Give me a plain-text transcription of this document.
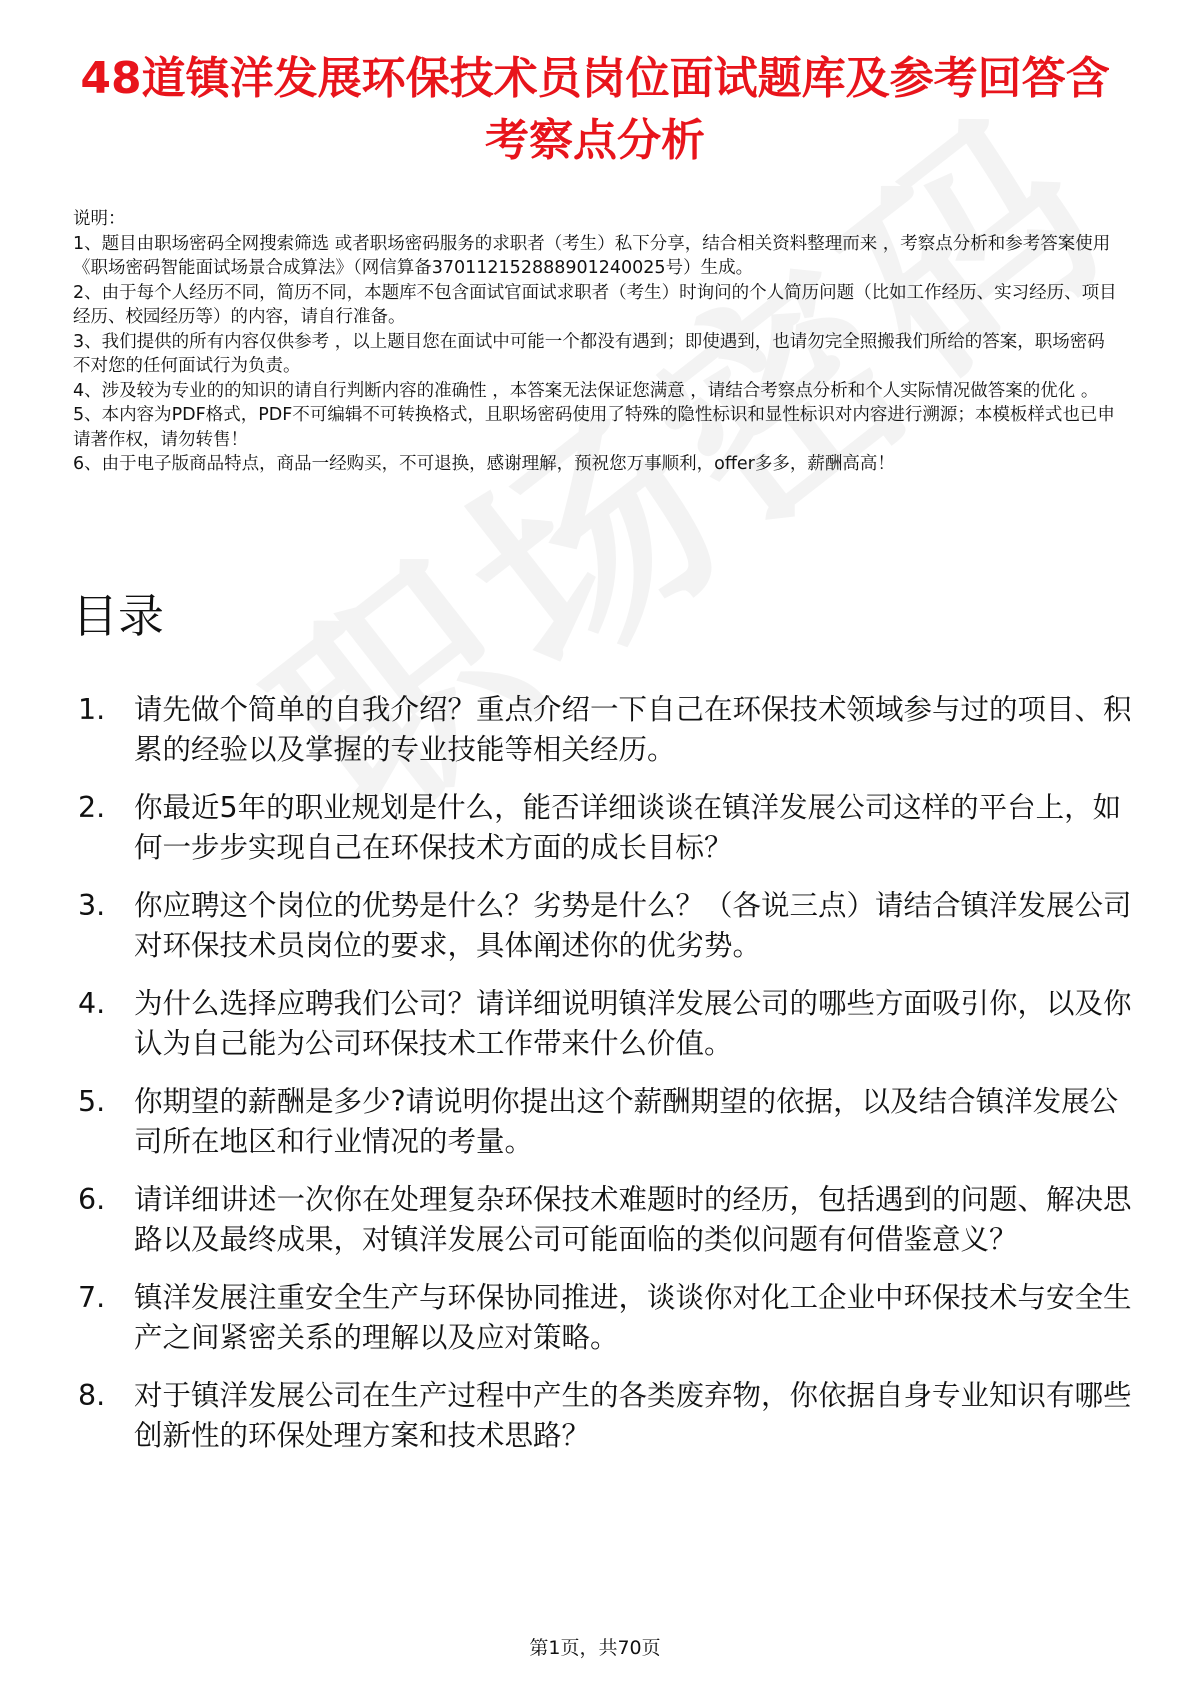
48道镇洋发展环保技术员岗位面试题库及参考回答含考察点分析

说明：

1、题目由职场密码全网搜索筛选 或者职场密码服务的求职者（考生）私下分享，结合相关资料整理而来 ，考察点分析和参考答案使用《职场密码智能面试场景合成算法》（网信算备370112152888901240025号）生成。

2、由于每个人经历不同，简历不同，本题库不包含面试官面试求职者（考生）时询问的个人简历问题（比如工作经历、实习经历、项目经历、校园经历等）的内容，请自行准备。

3、我们提供的所有内容仅供参考 ，以上题目您在面试中可能一个都没有遇到；即使遇到，也请勿完全照搬我们所给的答案，职场密码不对您的任何面试行为负责。

4、涉及较为专业的的知识的请自行判断内容的准确性 ，本答案无法保证您满意 ，请结合考察点分析和个人实际情况做答案的优化 。

5、本内容为PDF格式，PDF不可编辑不可转换格式，且职场密码使用了特殊的隐性标识和显性标识对内容进行溯源；本模板样式也已申请著作权，请勿转售！

6、由于电子版商品特点，商品一经购买，不可退换，感谢理解，预祝您万事顺利，offer多多，薪酬高高！

目录
1.	请先做个简单的自我介绍？重点介绍一下自己在环保技术领域参与过的项目、积累的经验以及掌握的专业技能等相关经历。
2.	你最近5年的职业规划是什么，能否详细谈谈在镇洋发展公司这样的平台上，如何一步步实现自己在环保技术方面的成长目标？
3.	你应聘这个岗位的优势是什么？劣势是什么？（各说三点）请结合镇洋发展公司对环保技术员岗位的要求，具体阐述你的优劣势。
4.	为什么选择应聘我们公司？请详细说明镇洋发展公司的哪些方面吸引你，以及你认为自己能为公司环保技术工作带来什么价值。
5.	你期望的薪酬是多少?请说明你提出这个薪酬期望的依据，以及结合镇洋发展公司所在地区和行业情况的考量。
6.	请详细讲述一次你在处理复杂环保技术难题时的经历，包括遇到的问题、解决思路以及最终成果，对镇洋发展公司可能面临的类似问题有何借鉴意义？
7.	镇洋发展注重安全生产与环保协同推进，谈谈你对化工企业中环保技术与安全生产之间紧密关系的理解以及应对策略。
8.	对于镇洋发展公司在生产过程中产生的各类废弃物，你依据自身专业知识有哪些创新性的环保处理方案和技术思路？
第1页，共70页
